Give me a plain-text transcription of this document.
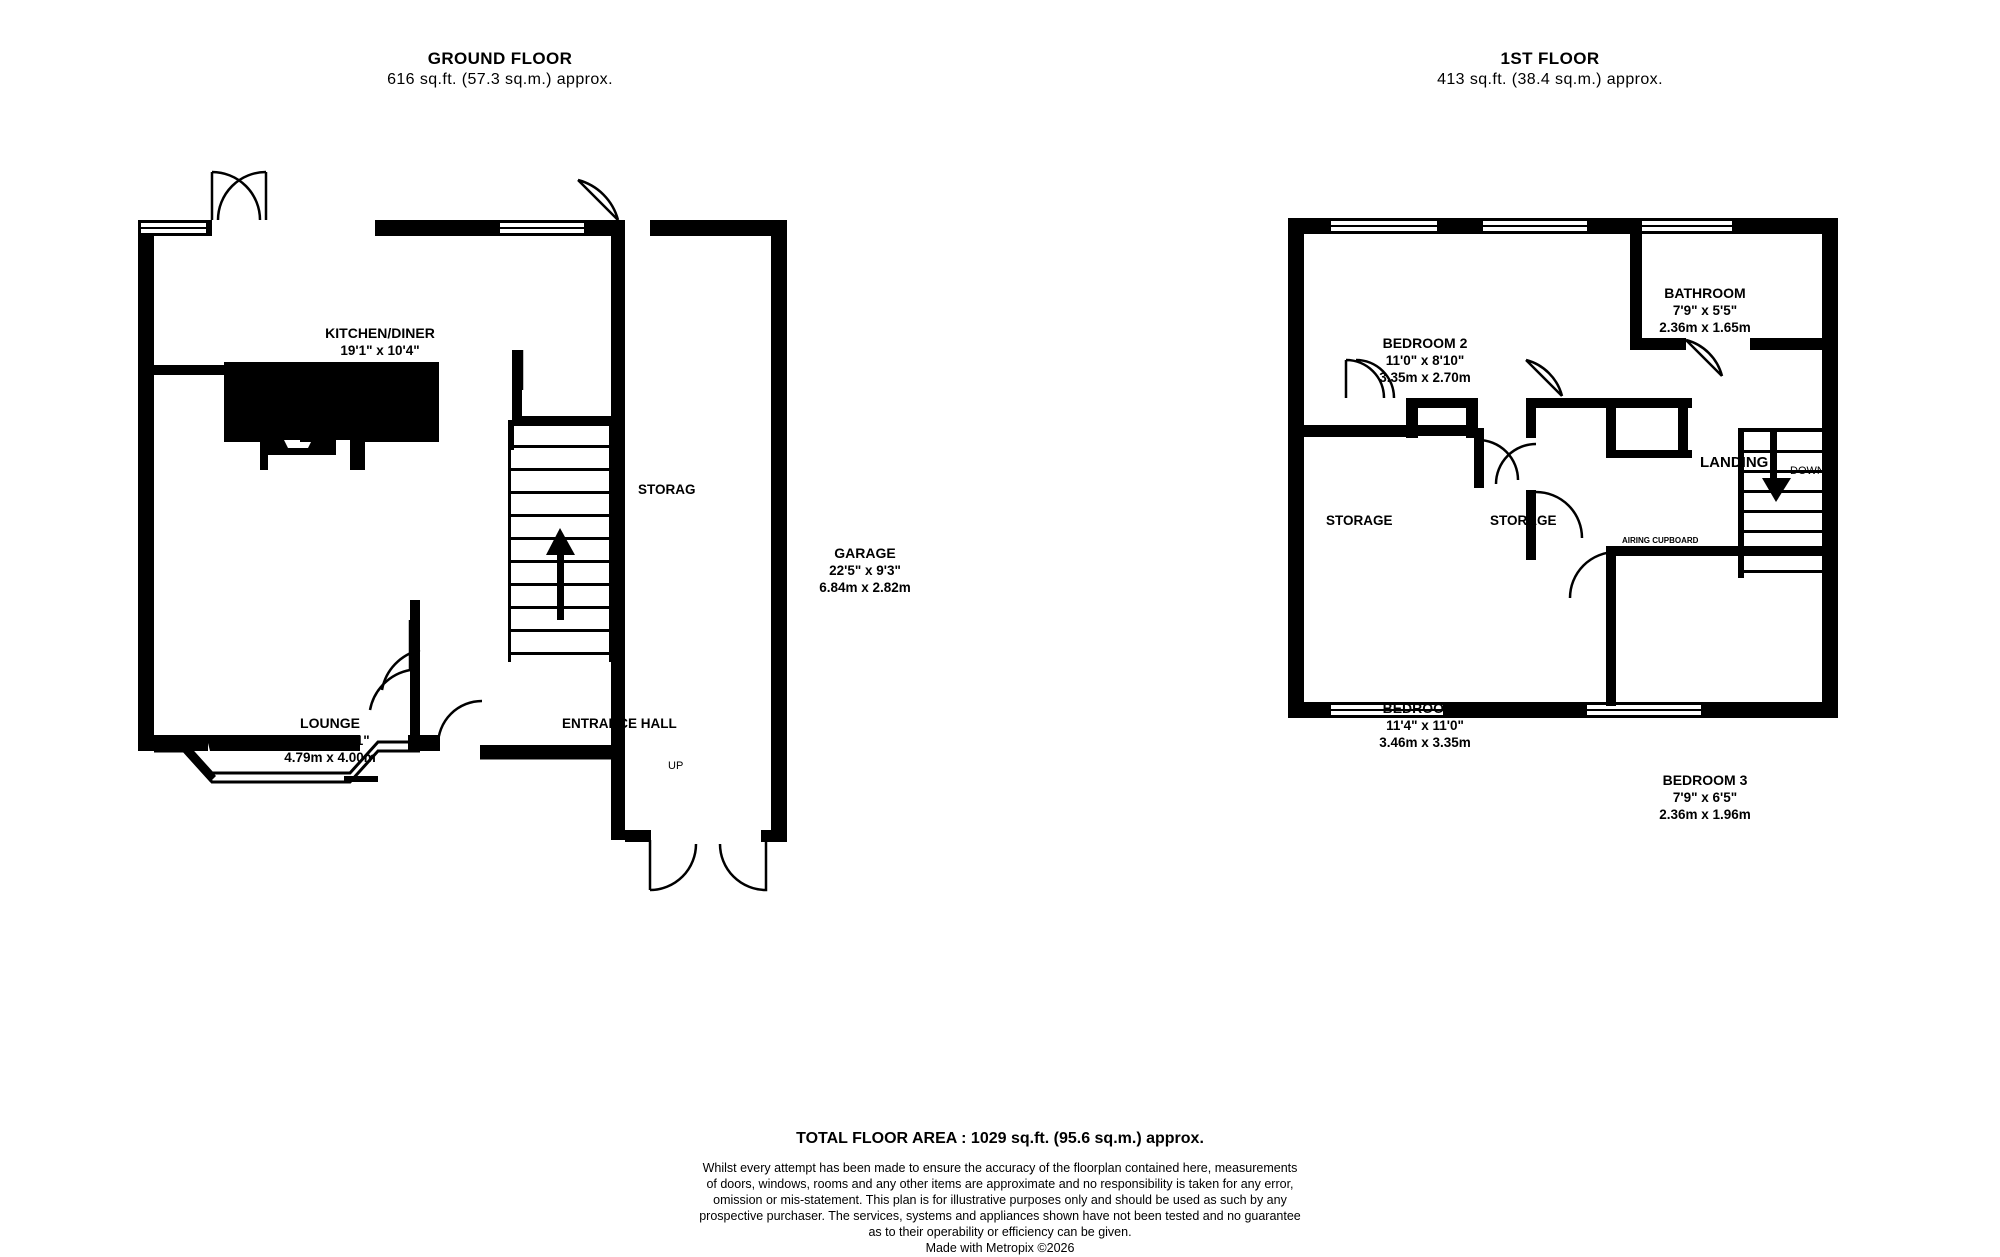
GROUND FLOOR
616 sq.ft. (57.3 sq.m.) approx.
1ST FLOOR
413 sq.ft. (38.4 sq.m.) approx.
KITCHEN/DINER
19'1" x 10'4"
5.82m x 3.15m
LOUNGE
15'9" x 13'1"
4.79m x 4.00m
GARAGE
22'5" x 9'3"
6.84m x 2.82m
STORAG
ENTRANCE HALL
UP
BEDROOM 2
11'0" x 8'10"
3.35m x 2.70m
BATHROOM
7'9" x 5'5"
2.36m x 1.65m
BEDROOM 1
11'4" x 11'0"
3.46m x 3.35m
BEDROOM 3
7'9" x 6'5"
2.36m x 1.96m
LANDING DOWN
STORAGE	STORAGE
AIRING CUPBOARD
TOTAL FLOOR AREA : 1029 sq.ft. (95.6 sq.m.) approx.
Whilst every attempt has been made to ensure the accuracy of the floorplan contained here, measurements
of doors, windows, rooms and any other items are approximate and no responsibility is taken for any error,
omission or mis-statement. This plan is for illustrative purposes only and should be used as such by any
prospective purchaser. The services, systems and appliances shown have not been tested and no guarantee
as to their operability or efficiency can be given.
Made with Metropix ©2026
